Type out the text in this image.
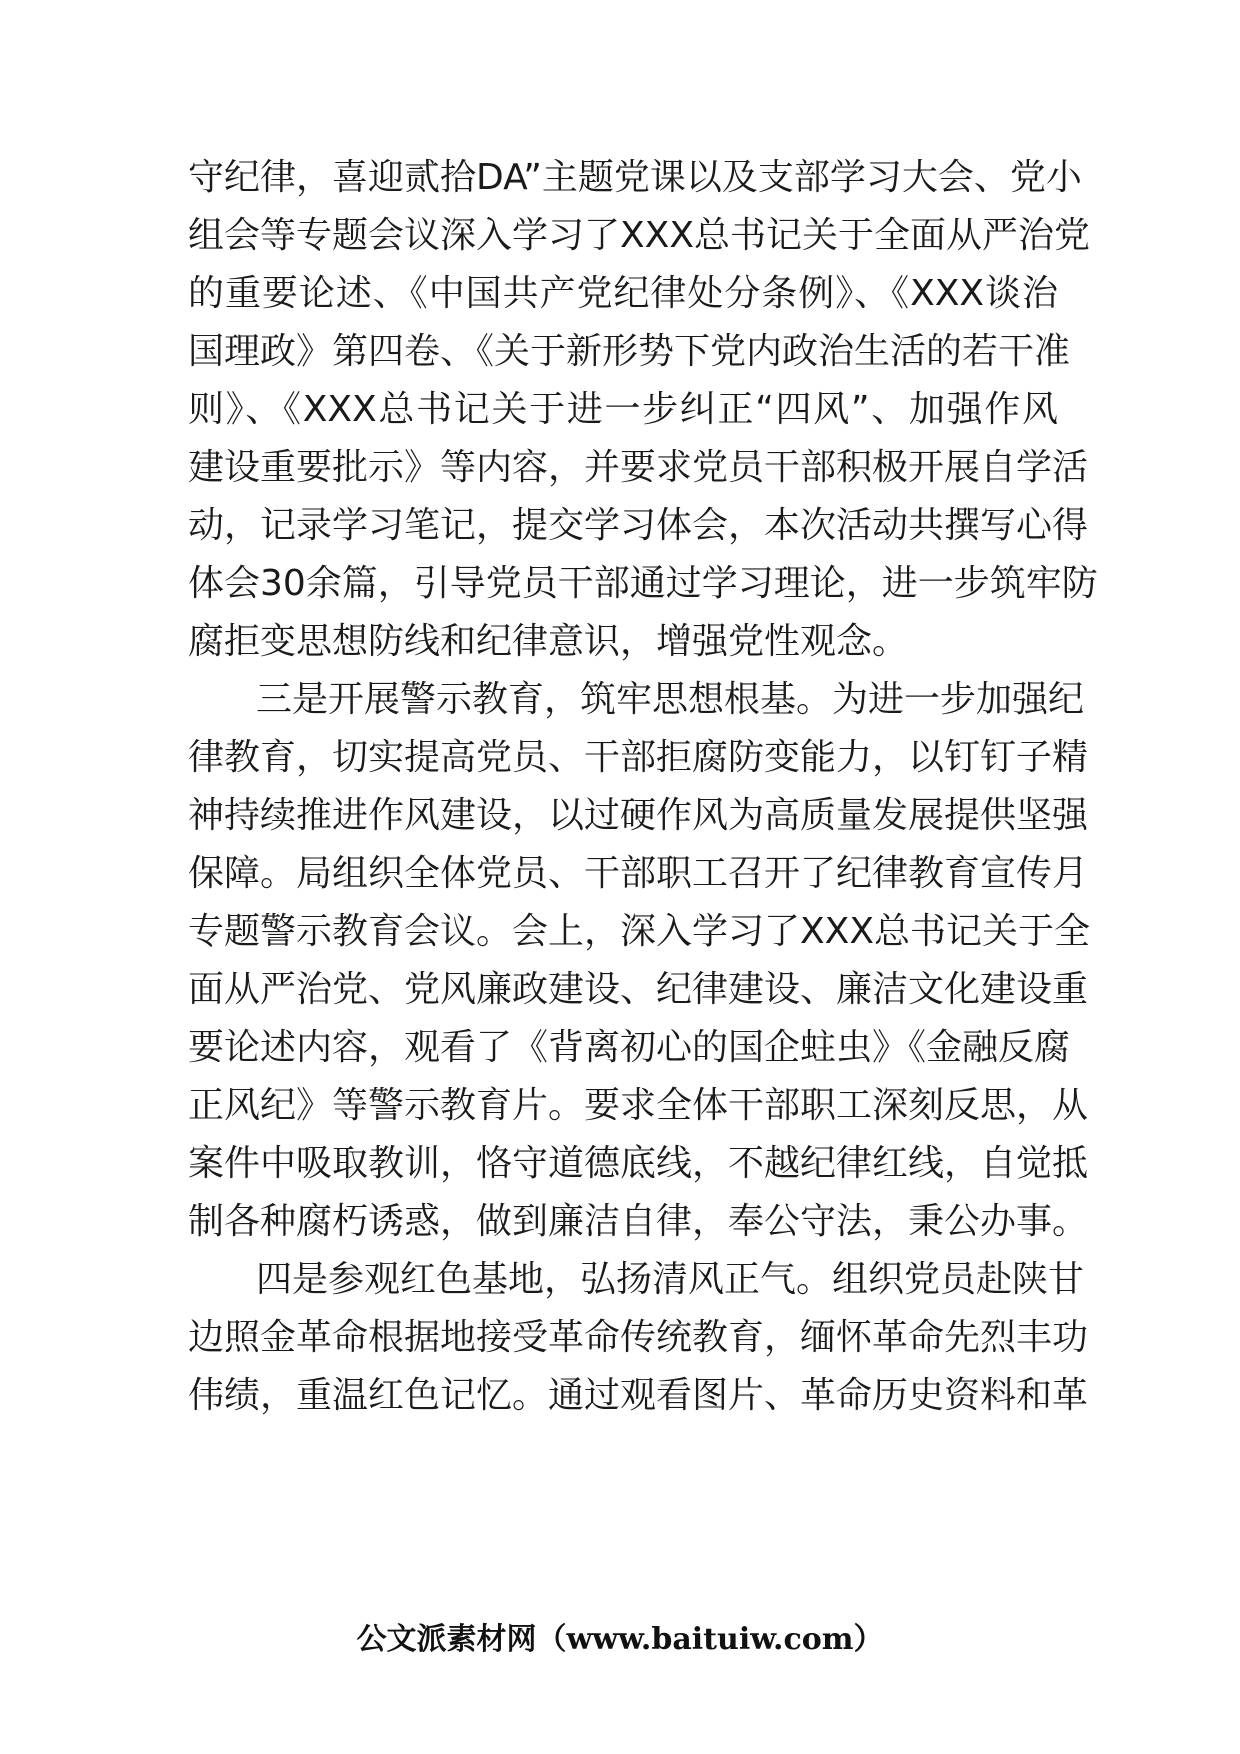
守纪律，喜迎贰拾DA”主题党课以及支部学习大会、党小

组会等专题会议深入学习了XXX总书记关于全面从严治党

的重要论述、《中国共产党纪律处分条例》、《XXX谈治

国理政》第四卷、《关于新形势下党内政治生活的若干准

则》、《XXX总书记关于进一步纠正“四风”、加强作风

建设重要批示》等内容，并要求党员干部积极开展自学活

动，记录学习笔记，提交学习体会，本次活动共撰写心得

体会30余篇，引导党员干部通过学习理论，进一步筑牢防

腐拒变思想防线和纪律意识，增强党性观念。

三是开展警示教育，筑牢思想根基。为进一步加强纪

律教育，切实提高党员、干部拒腐防变能力，以钉钉子精

神持续推进作风建设，以过硬作风为高质量发展提供坚强

保障。局组织全体党员、干部职工召开了纪律教育宣传月

专题警示教育会议。会上，深入学习了XXX总书记关于全

面从严治党、党风廉政建设、纪律建设、廉洁文化建设重

要论述内容，观看了《背离初心的国企蛀虫》《金融反腐

正风纪》等警示教育片。要求全体干部职工深刻反思，从

案件中吸取教训，恪守道德底线，不越纪律红线，自觉抵

制各种腐朽诱惑，做到廉洁自律，奉公守法，秉公办事。

四是参观红色基地，弘扬清风正气。组织党员赴陕甘

边照金革命根据地接受革命传统教育，缅怀革命先烈丰功

伟绩，重温红色记忆。通过观看图片、革命历史资料和革

公文派素材网（www.baituiw.com）
